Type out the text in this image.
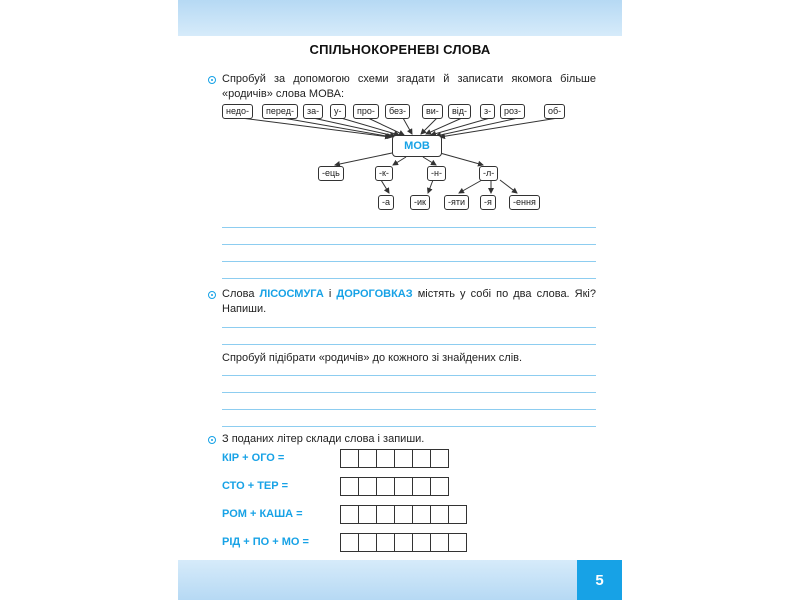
СПІЛЬНОКОРЕНЕВІ СЛОВА
Спробуй за допомогою схеми згадати й записати якомога більше
«родичів» слова МОВА:
недо-	перед-	за-	у-	про-	без-	ви-	від-	з-	роз-	об-
МОВ
-ець	-к-	-н-	-л-
-а	-ик	-яти	-я	-ення
Слова ЛІСОСМУГА і ДОРОГОВКАЗ містять у собі по два слова. Які?
Напиши.
Спробуй підібрати «родичів» до кожного зі знайдених слів.
З поданих літер склади слова і запиши.
КІР + ОГО =
СТО + ТЕР =
РОМ + КАША =
РІД + ПО + МО =
5
